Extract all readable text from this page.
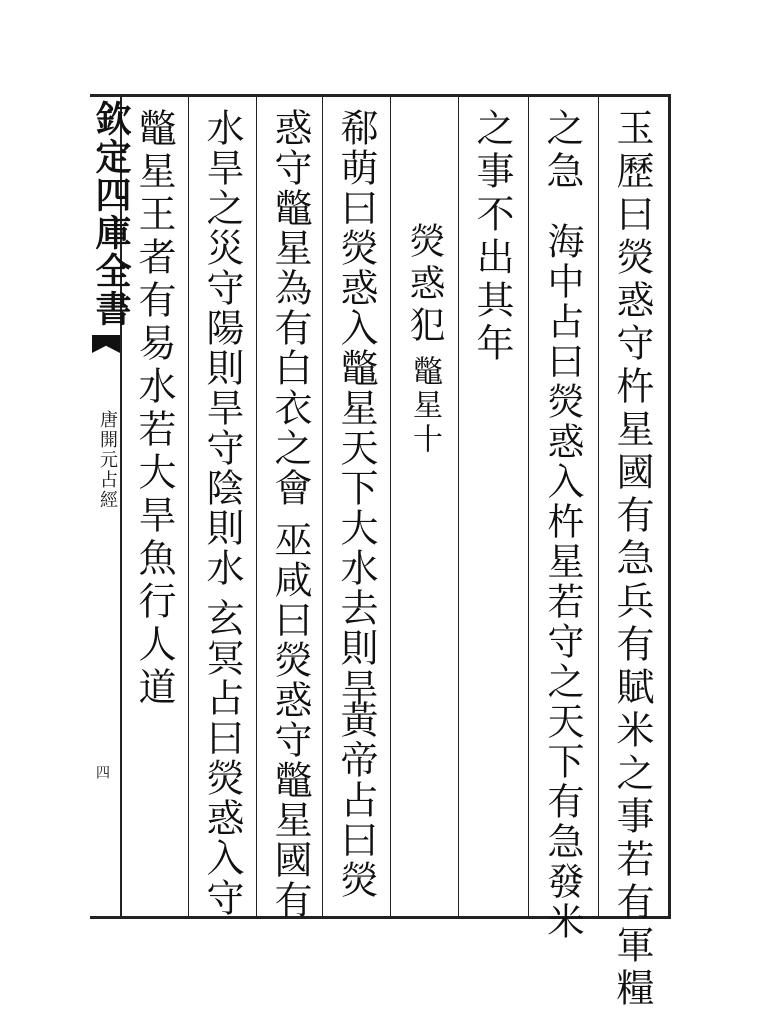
欽定四庫全書
唐開元占經
四	玉歷曰熒惑守杵星國有急兵有賦米之事若有軍糧
之急
海中占曰熒惑入杵星若守之天下有急發米
之事不出其年
熒惑犯
鼈星十
郗萌曰熒惑入鼈星天下大水去則旱
黃帝占曰熒
惑守鼈星為有白衣之會
巫咸曰熒惑守鼈星國有
水旱之災守陽則旱守陰則水
玄冥占曰熒惑入守
鼈星王者有易水若大旱魚行人道
